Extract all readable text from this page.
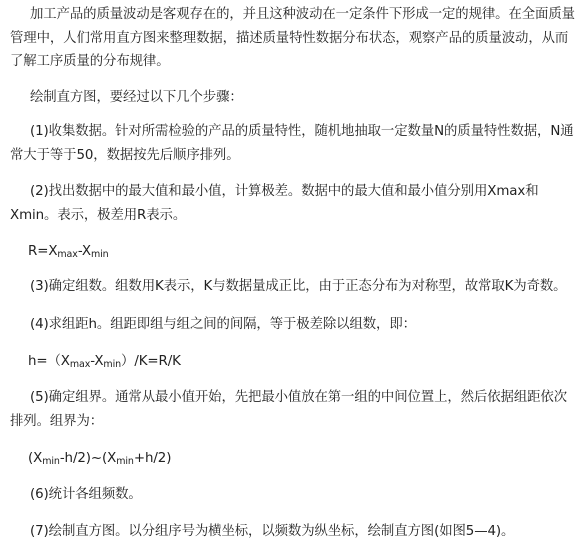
加工产品的质量波动是客观存在的，并且这种波动在一定条件下形成一定的规律。在全面质量管理中，人们常用直方图来整理数据，描述质量特性数据分布状态，观察产品的质量波动，从而了解工序质量的分布规律。

绘制直方图，要经过以下几个步骤：

(1)收集数据。针对所需检验的产品的质量特性，随机地抽取一定数量N的质量特性数据，N通常大于等于50，数据按先后顺序排列。

(2)找出数据中的最大值和最小值，计算极差。数据中的最大值和最小值分别用Xmax和Xmin。表示，极差用R表示。

R=Xmax-Xmin

(3)确定组数。组数用K表示，K与数据量成正比，由于正态分布为对称型，故常取K为奇数。

(4)求组距h。组距即组与组之间的间隔，等于极差除以组数，即：

h=（Xmax-Xmin）/K=R/K

(5)确定组界。通常从最小值开始，先把最小值放在第一组的中间位置上，然后依据组距依次排列。组界为：

(Xmin-h/2)~(Xmin+h/2)

(6)统计各组频数。

(7)绘制直方图。以分组序号为横坐标，以频数为纵坐标，绘制直方图(如图5—4)。
